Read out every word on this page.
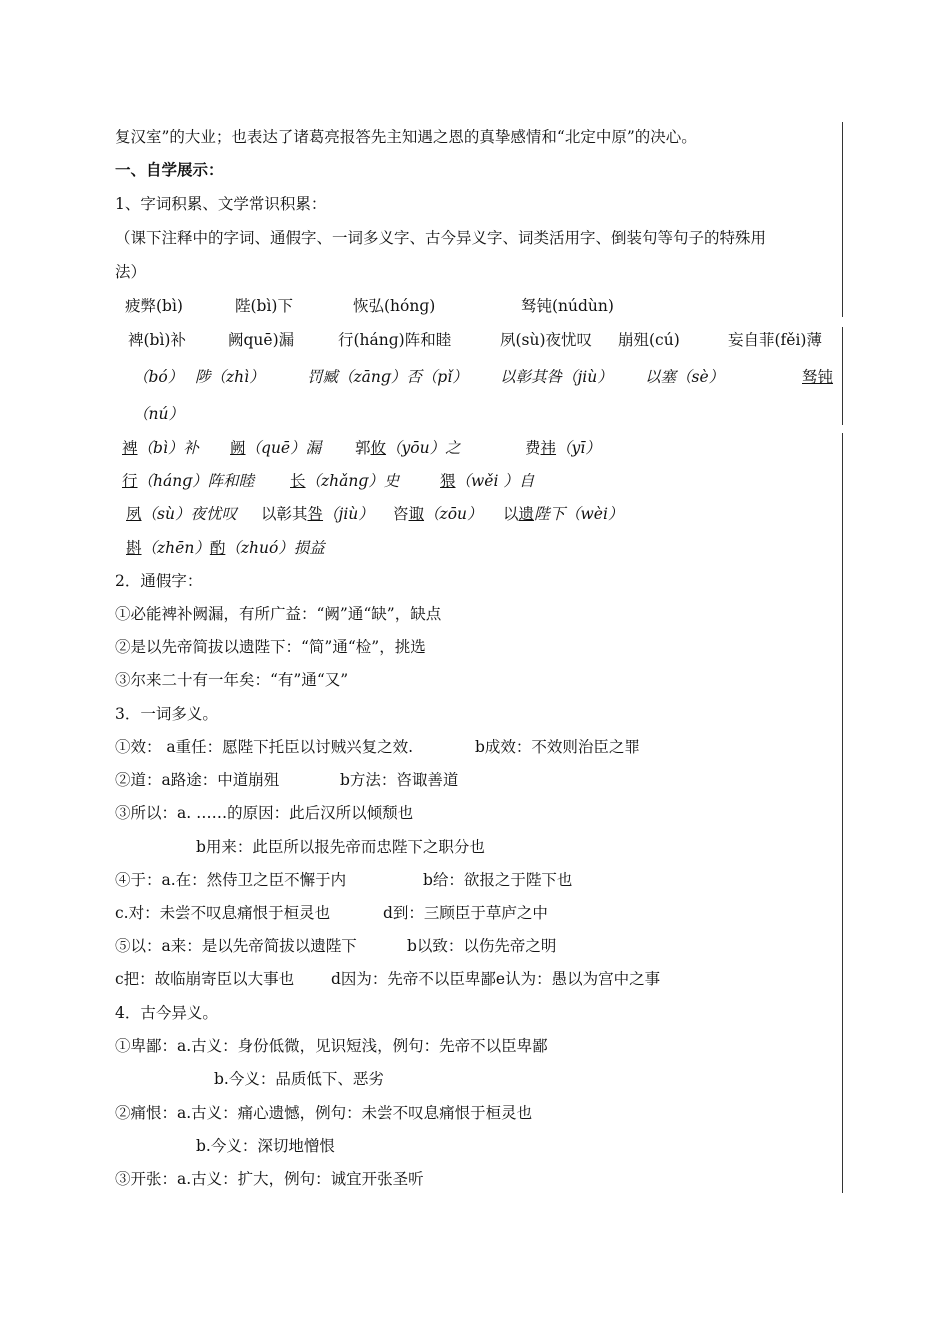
复汉室”的大业；也表达了诸葛亮报答先主知遇之恩的真挚感情和“北定中原”的决心。
一、自学展示：
1、字词积累、文学常识积累：
（课下注释中的字词、通假字、一词多义字、古今异义字、词类活用字、倒装句等句子的特殊用
法）
疲弊(bì)	陛(bì)下	恢弘(hónɡ)	驽钝(núdùn)
裨(bì)补	阙quē)漏	行(hánɡ)阵和睦	夙(sù)夜忧叹 崩殂(cú)	妄自菲(fěi)薄
（bó） 陟（zhì）	罚臧（zānɡ）否（pǐ） 以彰其咎（jiù） 以塞（sè）	驽钝
（nú）
裨（bì）补 阙（quē）漏 郭攸（yōu）之	费祎（yī）
行（hánɡ）阵和睦 长（zhǎnɡ）史	猥（wěi ）自
夙（sù）夜忧叹 以彰其咎（jiù） 咨诹（zōu） 以遗陛下（wèi）
斟（zhēn）酌（zhuó）损益
2．通假字：
①必能裨补阙漏，有所广益：“阙”通“缺”，缺点
②是以先帝简拔以遗陛下：“简”通“检”，挑选
③尔来二十有一年矣：“有”通“又”
3．一词多义。
①效： a重任：愿陛下托臣以讨贼兴复之效.	b成效：不效则治臣之罪
②道：a路途：中道崩殂	b方法：咨诹善道
③所以：a. ……的原因：此后汉所以倾颓也
b用来：此臣所以报先帝而忠陛下之职分也
④于：a.在：然侍卫之臣不懈于内	b给：欲报之于陛下也
c.对：未尝不叹息痛恨于桓灵也	d到：三顾臣于草庐之中
⑤以：a来：是以先帝简拔以遗陛下	b以致：以伤先帝之明
c把：故临崩寄臣以大事也 d因为：先帝不以臣卑鄙e认为：愚以为宫中之事
4．古今异义。
①卑鄙：a.古义：身份低微，见识短浅，例句：先帝不以臣卑鄙
b.今义：品质低下、恶劣
②痛恨：a.古义：痛心遗憾，例句：未尝不叹息痛恨于桓灵也
b.今义：深切地憎恨
③开张：a.古义：扩大，例句：诚宜开张圣听
